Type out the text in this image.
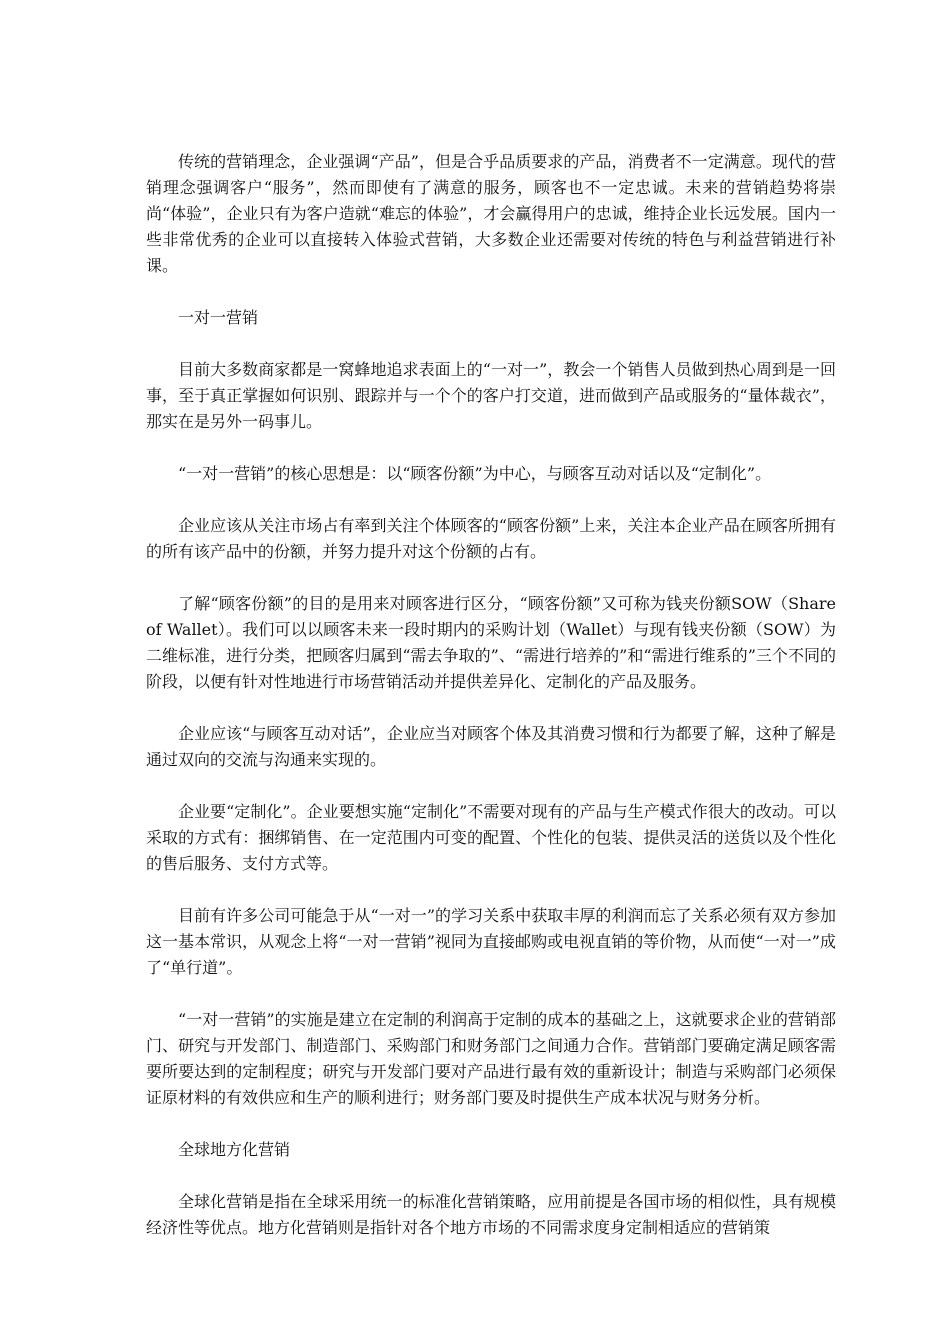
传统的营销理念，企业强调“产品”，但是合乎品质要求的产品，消费者不一定满意。现代的营销理念强调客户“服务”，然而即使有了满意的服务，顾客也不一定忠诚。未来的营销趋势将崇尚“体验”，企业只有为客户造就“难忘的体验”，才会赢得用户的忠诚，维持企业长远发展。国内一些非常优秀的企业可以直接转入体验式营销，大多数企业还需要对传统的特色与利益营销进行补课。

一对一营销

目前大多数商家都是一窝蜂地追求表面上的“一对一”，教会一个销售人员做到热心周到是一回事，至于真正掌握如何识别、跟踪并与一个个的客户打交道，进而做到产品或服务的“量体裁衣”，那实在是另外一码事儿。

“一对一营销”的核心思想是：以“顾客份额”为中心，与顾客互动对话以及“定制化”。

企业应该从关注市场占有率到关注个体顾客的“顾客份额”上来，关注本企业产品在顾客所拥有的所有该产品中的份额，并努力提升对这个份额的占有。

了解“顾客份额”的目的是用来对顾客进行区分，“顾客份额”又可称为钱夹份额SOW（Share of Wallet）。我们可以以顾客未来一段时期内的采购计划（Wallet）与现有钱夹份额（SOW）为二维标准，进行分类，把顾客归属到“需去争取的”、“需进行培养的”和“需进行维系的”三个不同的阶段，以便有针对性地进行市场营销活动并提供差异化、定制化的产品及服务。

企业应该“与顾客互动对话”，企业应当对顾客个体及其消费习惯和行为都要了解，这种了解是通过双向的交流与沟通来实现的。

企业要“定制化”。企业要想实施“定制化”不需要对现有的产品与生产模式作很大的改动。可以采取的方式有：捆绑销售、在一定范围内可变的配置、个性化的包装、提供灵活的送货以及个性化的售后服务、支付方式等。

目前有许多公司可能急于从“一对一”的学习关系中获取丰厚的利润而忘了关系必须有双方参加这一基本常识，从观念上将“一对一营销”视同为直接邮购或电视直销的等价物，从而使“一对一”成了“单行道”。

“一对一营销”的实施是建立在定制的利润高于定制的成本的基础之上，这就要求企业的营销部门、研究与开发部门、制造部门、采购部门和财务部门之间通力合作。营销部门要确定满足顾客需要所要达到的定制程度；研究与开发部门要对产品进行最有效的重新设计；制造与采购部门必须保证原材料的有效供应和生产的顺利进行；财务部门要及时提供生产成本状况与财务分析。

全球地方化营销

全球化营销是指在全球采用统一的标准化营销策略，应用前提是各国市场的相似性，具有规模经济性等优点。地方化营销则是指针对各个地方市场的不同需求度身定制相适应的营销策
